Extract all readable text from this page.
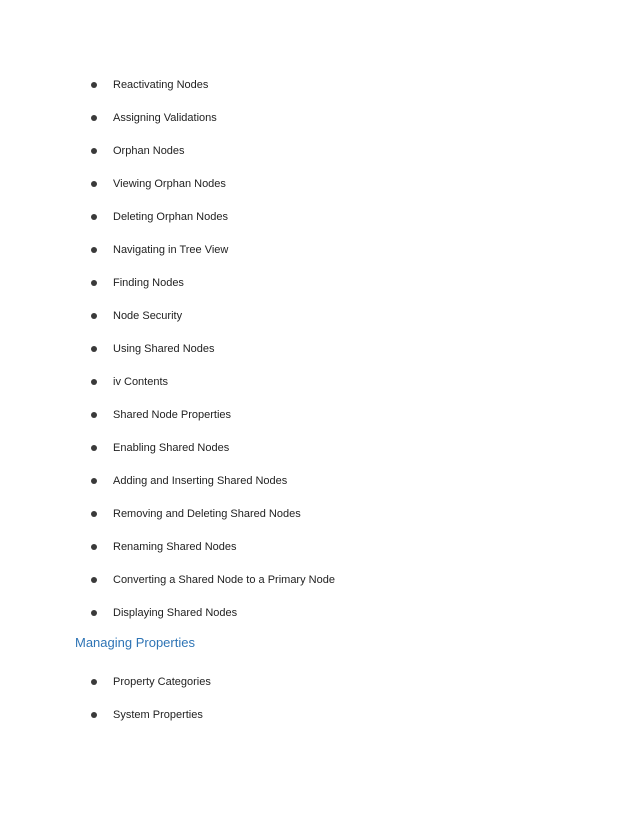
Reactivating Nodes
Assigning Validations
Orphan Nodes
Viewing Orphan Nodes
Deleting Orphan Nodes
Navigating in Tree View
Finding Nodes
Node Security
Using Shared Nodes
iv Contents
Shared Node Properties
Enabling Shared Nodes
Adding and Inserting Shared Nodes
Removing and Deleting Shared Nodes
Renaming Shared Nodes
Converting a Shared Node to a Primary Node
Displaying Shared Nodes
Managing Properties
Property Categories
System Properties
